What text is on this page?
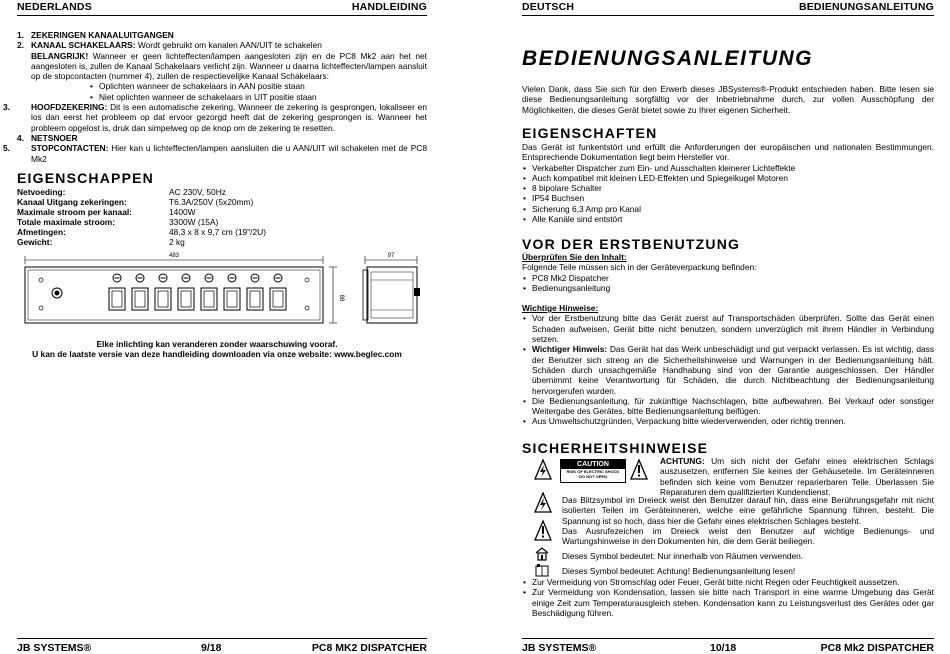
NEDERLANDS	HANDLEIDING
1. ZEKERINGEN KANAALUITGANGEN
2. KANAAL SCHAKELAARS: Wordt gebruikt om kanalen AAN/UIT te schakelen
BELANGRIJK! Wanneer er geen lichteffecten/lampen aangesloten zijn en de PC8 Mk2 aan het net aangesloten is, zullen de Kanaal Schakelaars verlicht zijn. Wanneer u daarna lichteffecten/lampen aansluit op de stopcontacten (nummer 4), zullen de respectievelijke Kanaal Schakelaars:
• Oplichten wanneer de schakelaars in AAN positie staan
• Niet oplichten wanneer de schakelaars in UIT positie staan
3.	HOOFDZEKERING: Dit is een automatische zekering. Wanneer de zekering is gesprongen, lokaliseer en los dan eerst het probleem op dat ervoor gezorgd heeft dat de zekering gesprongen is. Wanneer het probleem opgelost is, druk dan simpelweg op de knop om de zekering te resetten.
4. NETSNOER
5.	STOPCONTACTEN: Hier kan u lichteffecten/lampen aansluiten die u AAN/UIT wil schakelen met de PC8 Mk2
EIGENSCHAPPEN
Netvoeding:	AC 230V, 50Hz
Kanaal Uitgang zekeringen:	T6.3A/250V (5x20mm)
Maximale stroom per kanaal:	1400W
Totale maximale stroom:	3300W (15A)
Afmetingen:	48,3 x 8 x 9,7 cm (19"/2U)
Gewicht:	2 kg
483
88
97
Elke inlichting kan veranderen zonder waarschuwing vooraf.
U kan de laatste versie van deze handleiding downloaden via onze website: www.beglec.com
JB SYSTEMS®	9/18	PC8 MK2 DISPATCHER
DEUTSCH	BEDIENUNGSANLEITUNG
BEDIENUNGSANLEITUNG
Vielen Dank, dass Sie sich für den Erwerb dieses JBSystems®-Produkt entschieden haben. Bitte lesen sie diese Bedienungsanleitung sorgfältig vor der Inbetriebnahme durch, zur vollen Ausschöpfung der Möglichkeiten, die dieses Gerät bietet sowie zu Ihrer eigenen Sicherheit.
EIGENSCHAFTEN
Das Gerät ist funkentstört und erfüllt die Anforderungen der europäischen und nationalen Bestimmungen. Entsprechende Dokumentation liegt beim Hersteller vor.
• Verkabelter Dispatcher zum Ein- und Ausschalten kleinerer Lichteffekte
• Auch kompatibel mit kleinen LED-Effekten und Spiegelkugel Motoren
• 8 bipolare Schalter
• IP54 Buchsen
• Sicherung 6,3 Amp pro Kanal
• Alle Kanäle sind entstört
VOR DER ERSTBENUTZUNG
Überprüfen Sie den Inhalt:
Folgende Teile müssen sich in der Geräteverpackung befinden:
• PC8 Mk2 Dispatcher
• Bedienungsanleitung
Wichtige Hinweise:
• Vor der Erstbenutzung bitte das Gerät zuerst auf Transportschäden überprüfen. Sollte das Gerät einen Schaden aufweisen, Gerät bitte nicht benutzen, sondern unverzüglich mit ihrem Händler in Verbindung setzen.
• Wichtiger Hinweis: Das Gerät hat das Werk unbeschädigt und gut verpackt verlassen. Es ist wichtig, dass der Benutzer sich streng an die Sicherheitshinweise und Warnungen in der Bedienungsanleitung hält. Schäden durch unsachgemäße Handhabung sind von der Garantie ausgeschlossen. Der Händler übernimmt keine Verantwortung für Schäden, die durch Nichtbeachtung der Bedienungsanleitung hervorgerufen wurden.
• Die Bedienungsanleitung, für zukünftige Nachschlagen, bitte aufbewahren. Bei Verkauf oder sonstiger Weitergabe des Gerätes, bitte Bedienungsanleitung beifügen.
• Aus Umweltschutzgründen, Verpackung bitte wiederverwenden, oder richtig trennen.
SICHERHEITSHINWEISE
CAUTION
RISK OF ELECTRIC SHOCK
DO NOT OPEN
ACHTUNG: Um sich nicht der Gefahr eines elektrischen Schlags auszusetzen, entfernen Sie keines der Gehäuseteile. Im Geräteinneren befinden sich keine vom Benutzer reparierbaren Teile. Überlassen Sie Reparaturen dem qualifizierten Kundendienst.
Das Blitzsymbol im Dreieck weist den Benutzer darauf hin, dass eine Berührungsgefahr mit nicht isolierten Teilen im Geräteinneren, welche eine gefährliche Spannung führen, besteht. Die Spannung ist so hoch, dass hier die Gefahr eines elektrischen Schlages besteht.
Das Ausrufezeichen im Dreieck weist den Benutzer auf wichtige Bedienungs- und Wartungshinweise in den Dokumenten hin, die dem Gerät beiliegen.
Dieses Symbol bedeutet: Nur innerhalb von Räumen verwenden.
Dieses Symbol bedeutet: Achtung! Bedienungsanleitung lesen!
• Zur Vermeidung von Stromschlag oder Feuer, Gerät bitte nicht Regen oder Feuchtigkeit aussetzen.
• Zur Vermeidung von Kondensation, lassen sie bitte nach Transport in eine warme Umgebung das Gerät einige Zeit zum Temperaturausgleich stehen. Kondensation kann zu Leistungsverlust des Gerätes oder gar Beschädigung führen.
JB SYSTEMS®	10/18	PC8 Mk2 DISPATCHER
